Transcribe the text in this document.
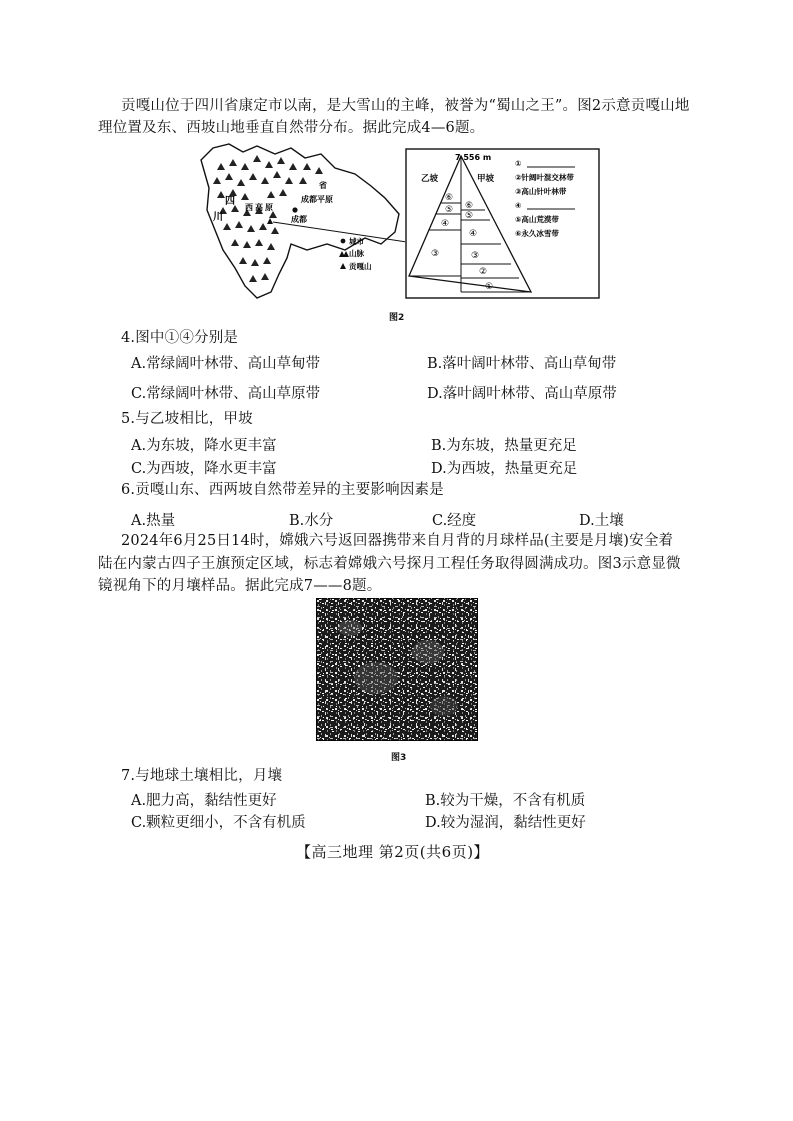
贡嘎山位于四川省康定市以南，是大雪山的主峰，被誉为“蜀山之王”。图2示意贡嘎山地
理位置及东、西坡山地垂直自然带分布。据此完成4—6题。
省
成都平原
四
川
西 高 原
成都
城市
山脉
贡嘎山
7 556 m
乙坡	甲坡
⑥
⑤
④
③
⑥
⑤
④
③
②
①
①
②针阔叶混交林带
③高山针叶林带
④
⑤高山荒漠带
⑥永久冰雪带
图2
4.图中①④分别是
A.常绿阔叶林带、高山草甸带	B.落叶阔叶林带、高山草甸带
C.常绿阔叶林带、高山草原带	D.落叶阔叶林带、高山草原带
5.与乙坡相比，甲坡
A.为东坡，降水更丰富	B.为东坡，热量更充足
C.为西坡，降水更丰富	D.为西坡，热量更充足
6.贡嘎山东、西两坡自然带差异的主要影响因素是
A.热量	B.水分	C.经度	D.土壤
2024年6月25日14时，嫦娥六号返回器携带来自月背的月球样品(主要是月壤)安全着
陆在内蒙古四子王旗预定区域，标志着嫦娥六号探月工程任务取得圆满成功。图3示意显微
镜视角下的月壤样品。据此完成7——8题。
图3
7.与地球土壤相比，月壤
A.肥力高，黏结性更好	B.较为干燥，不含有机质
C.颗粒更细小，不含有机质	D.较为湿润，黏结性更好
【高三地理 第2页(共6页)】
